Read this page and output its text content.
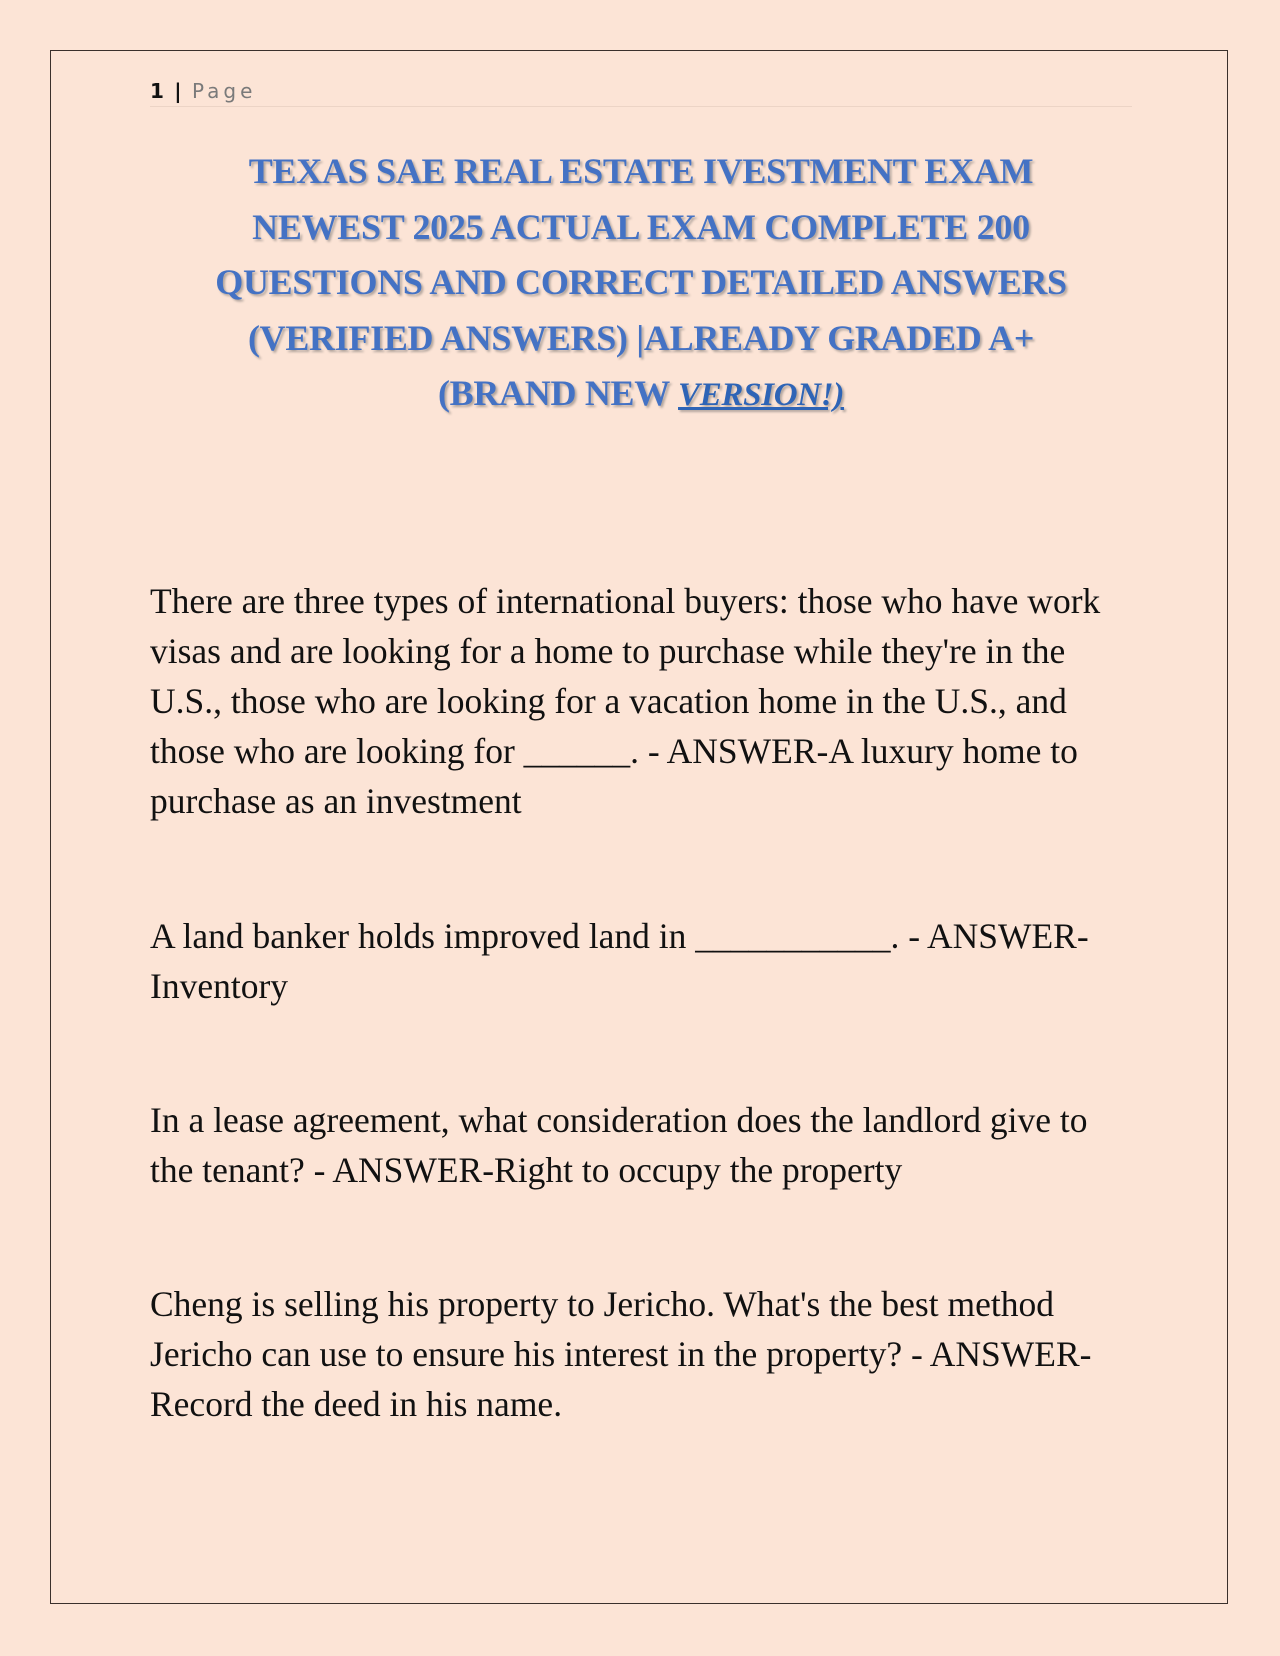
1 | Page
TEXAS SAE REAL ESTATE IVESTMENT EXAM
NEWEST 2025 ACTUAL EXAM COMPLETE 200
QUESTIONS AND CORRECT DETAILED ANSWERS
(VERIFIED ANSWERS) |ALREADY GRADED A+
(BRAND NEW VERSION!)

There are three types of international buyers: those who have work visas and are looking for a home to purchase while they're in the U.S., those who are looking for a vacation home in the U.S., and those who are looking for ______. - ANSWER-A luxury home to purchase as an investment

A land banker holds improved land in ___________. - ANSWER-Inventory

In a lease agreement, what consideration does the landlord give to the tenant? - ANSWER-Right to occupy the property

Cheng is selling his property to Jericho. What's the best method Jericho can use to ensure his interest in the property? - ANSWER-Record the deed in his name.
